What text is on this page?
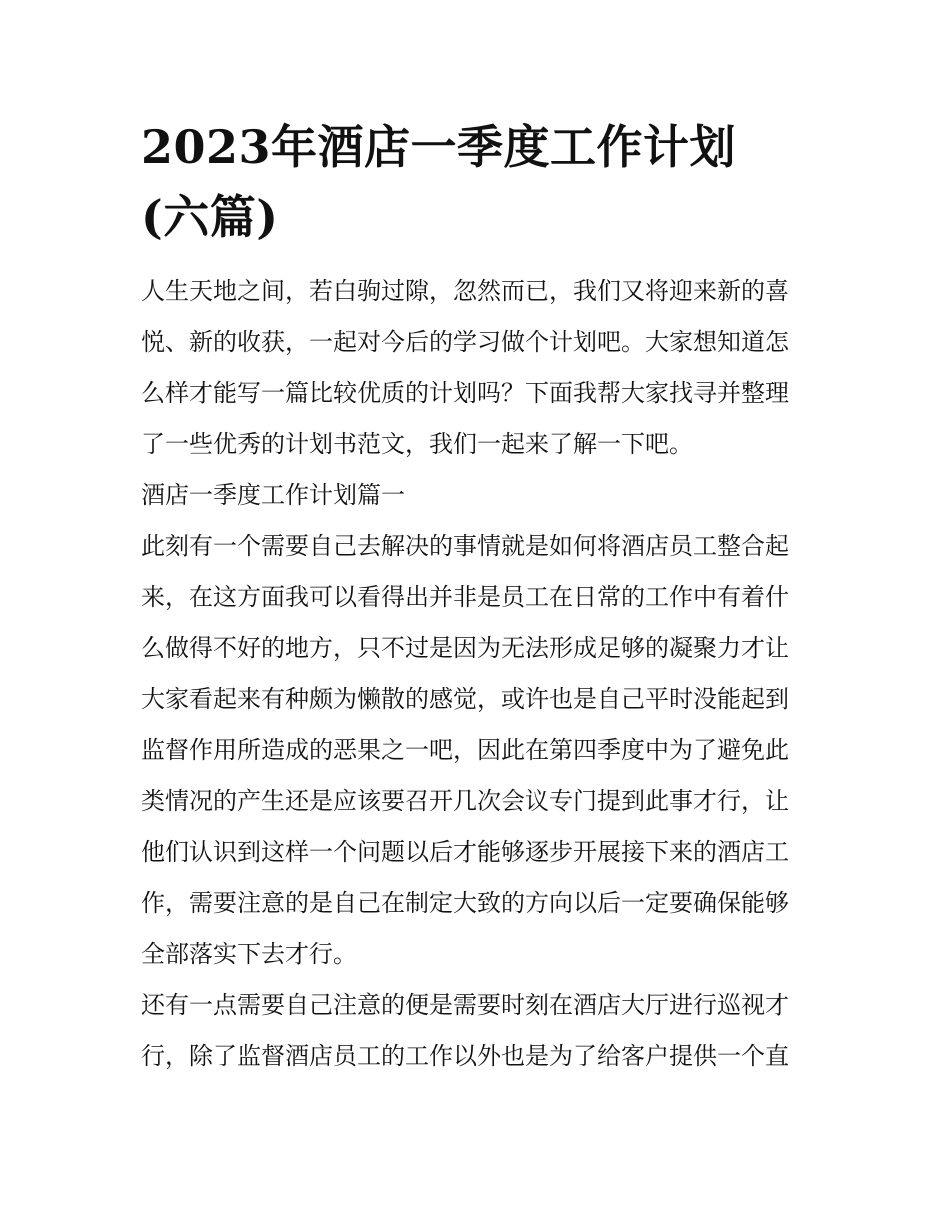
2023年酒店一季度工作计划
(六篇)
人生天地之间，若白驹过隙，忽然而已，我们又将迎来新的喜
悦、新的收获，一起对今后的学习做个计划吧。大家想知道怎
么样才能写一篇比较优质的计划吗？下面我帮大家找寻并整理
了一些优秀的计划书范文，我们一起来了解一下吧。
酒店一季度工作计划篇一
此刻有一个需要自己去解决的事情就是如何将酒店员工整合起
来，在这方面我可以看得出并非是员工在日常的工作中有着什
么做得不好的地方，只不过是因为无法形成足够的凝聚力才让
大家看起来有种颇为懒散的感觉，或许也是自己平时没能起到
监督作用所造成的恶果之一吧，因此在第四季度中为了避免此
类情况的产生还是应该要召开几次会议专门提到此事才行，让
他们认识到这样一个问题以后才能够逐步开展接下来的酒店工
作，需要注意的是自己在制定大致的方向以后一定要确保能够
全部落实下去才行。
还有一点需要自己注意的便是需要时刻在酒店大厅进行巡视才
行，除了监督酒店员工的工作以外也是为了给客户提供一个直
